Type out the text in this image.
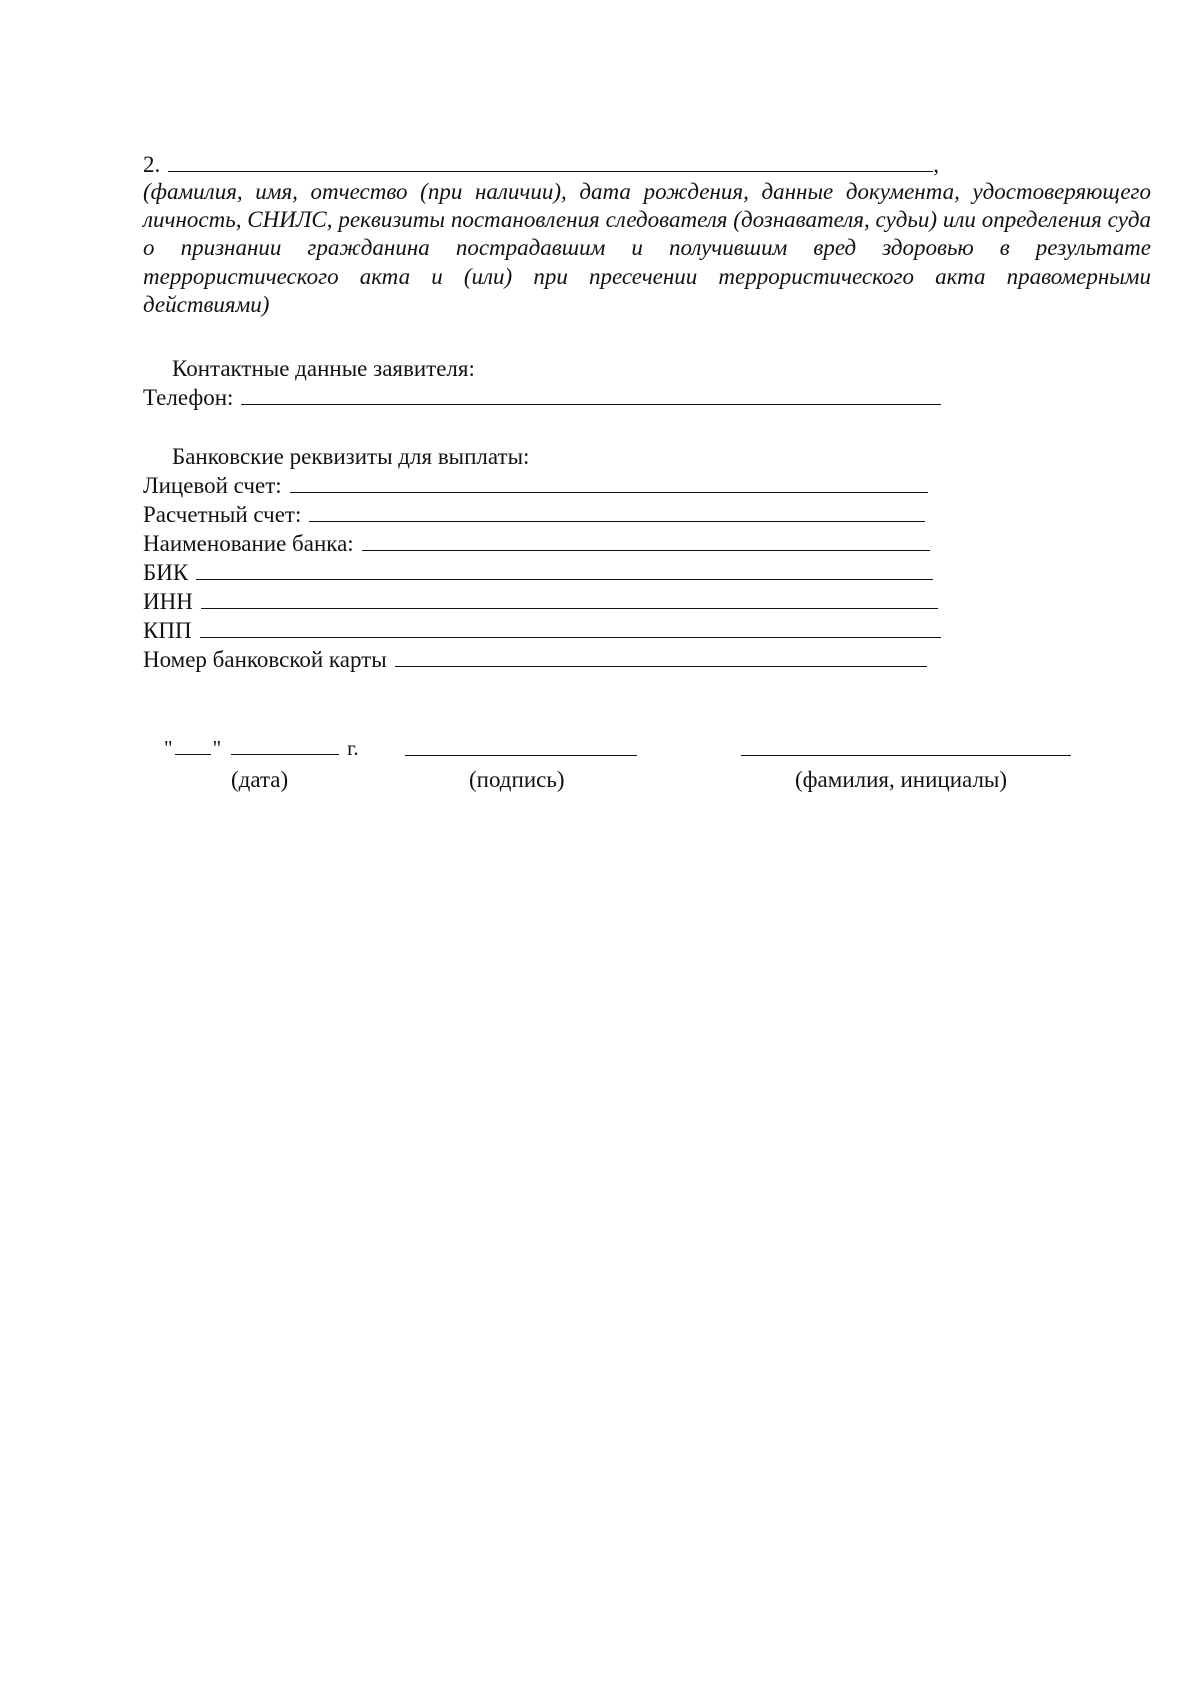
2.	,
(фамилия, имя, отчество (при наличии), дата рождения, данные документа, удостоверяющего личность, СНИЛС, реквизиты постановления следователя (дознавателя, судьи) или определения суда о признании гражданина пострадавшим и получившим вред здоровью в результате террористического акта и (или) при пресечении террористического акта правомерными действиями)
Контактные данные заявителя:
Телефон:
Банковские реквизиты для выплаты:
Лицевой счет:
Расчетный счет:
Наименование банка:
БИК
ИНН
КПП
Номер банковской карты
" "	г.
(дата)	(подпись)	(фамилия, инициалы)
